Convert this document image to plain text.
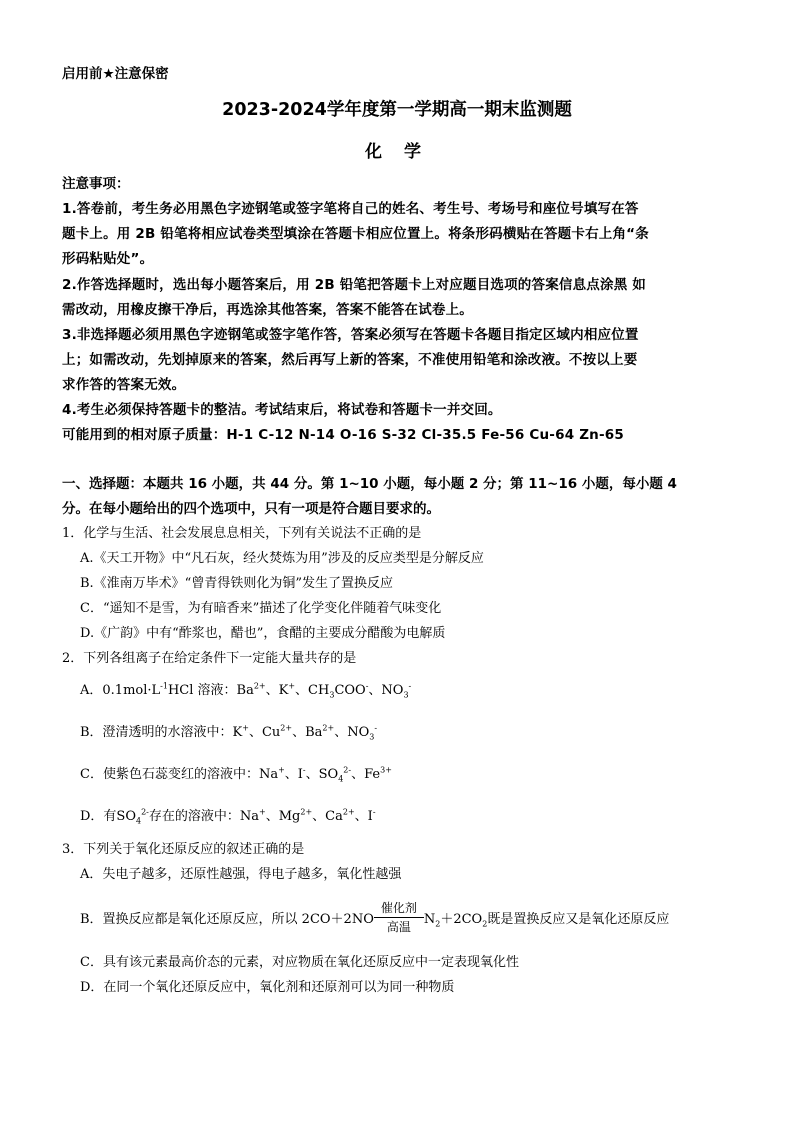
启用前★注意保密
2023-2024学年度第一学期高一期末监测题
化 学
注意事项：
1.答卷前，考生务必用黑色字迹钢笔或签字笔将自己的姓名、考生号、考场号和座位号填写在答
题卡上。用 2B 铅笔将相应试卷类型填涂在答题卡相应位置上。将条形码横贴在答题卡右上角“条
形码粘贴处”。
2.作答选择题时，选出每小题答案后，用 2B 铅笔把答题卡上对应题目选项的答案信息点涂黑 如
需改动，用橡皮擦干净后，再选涂其他答案，答案不能答在试卷上。
3.非选择题必须用黑色字迹钢笔或签字笔作答，答案必须写在答题卡各题目指定区域内相应位置
上；如需改动，先划掉原来的答案，然后再写上新的答案，不准使用铅笔和涂改液。不按以上要
求作答的答案无效。
4.考生必须保持答题卡的整洁。考试结束后，将试卷和答题卡一并交回。
可能用到的相对原子质量：H-1 C-12 N-14 O-16 S-32 Cl-35.5 Fe-56 Cu-64 Zn-65
一、选择题：本题共 16 小题，共 44 分。第 1~10 小题，每小题 2 分；第 11~16 小题，每小题 4
分。在每小题给出的四个选项中，只有一项是符合题目要求的。
1．化学与生活、社会发展息息相关，下列有关说法不正确的是
A.《天工开物》中“凡石灰，经火焚炼为用”涉及的反应类型是分解反应
B.《淮南万毕术》“曾青得铁则化为铜”发生了置换反应
C．“遥知不是雪，为有暗香来”描述了化学变化伴随着气味变化
D.《广韵》中有“酢浆也，醋也”，食醋的主要成分醋酸为电解质
2．下列各组离子在给定条件下一定能大量共存的是
A．$0.1mol\cdot L^{-1}HCl$ 溶液：$Ba^{2+}$、K+、$CH_3COO^-$、$NO_3^-$
B．澄清透明的水溶液中：K+、$Cu^{2+}$、$Ba^{2+}$、$NO_3^-$
C．使紫色石蕊变红的溶液中：Na+、I-、$SO_4^{2-}$、$Fe^{3+}$
D．有$SO_4^{2-}$存在的溶液中：Na+、$Mg^{2+}$、$Ca^{2+}$、I-
3．下列关于氧化还原反应的叙述正确的是
A．失电子越多，还原性越强，得电子越多，氧化性越强
B．置换反应都是氧化还原反应，所以 $2CO+2NO \frac{\text{催化剂}}{\text{高温}} N_2+2CO_2$既是置换反应又是氧化还原反应
C．具有该元素最高价态的元素，对应物质在氧化还原反应中一定表现氧化性
D．在同一个氧化还原反应中，氧化剂和还原剂可以为同一种物质
